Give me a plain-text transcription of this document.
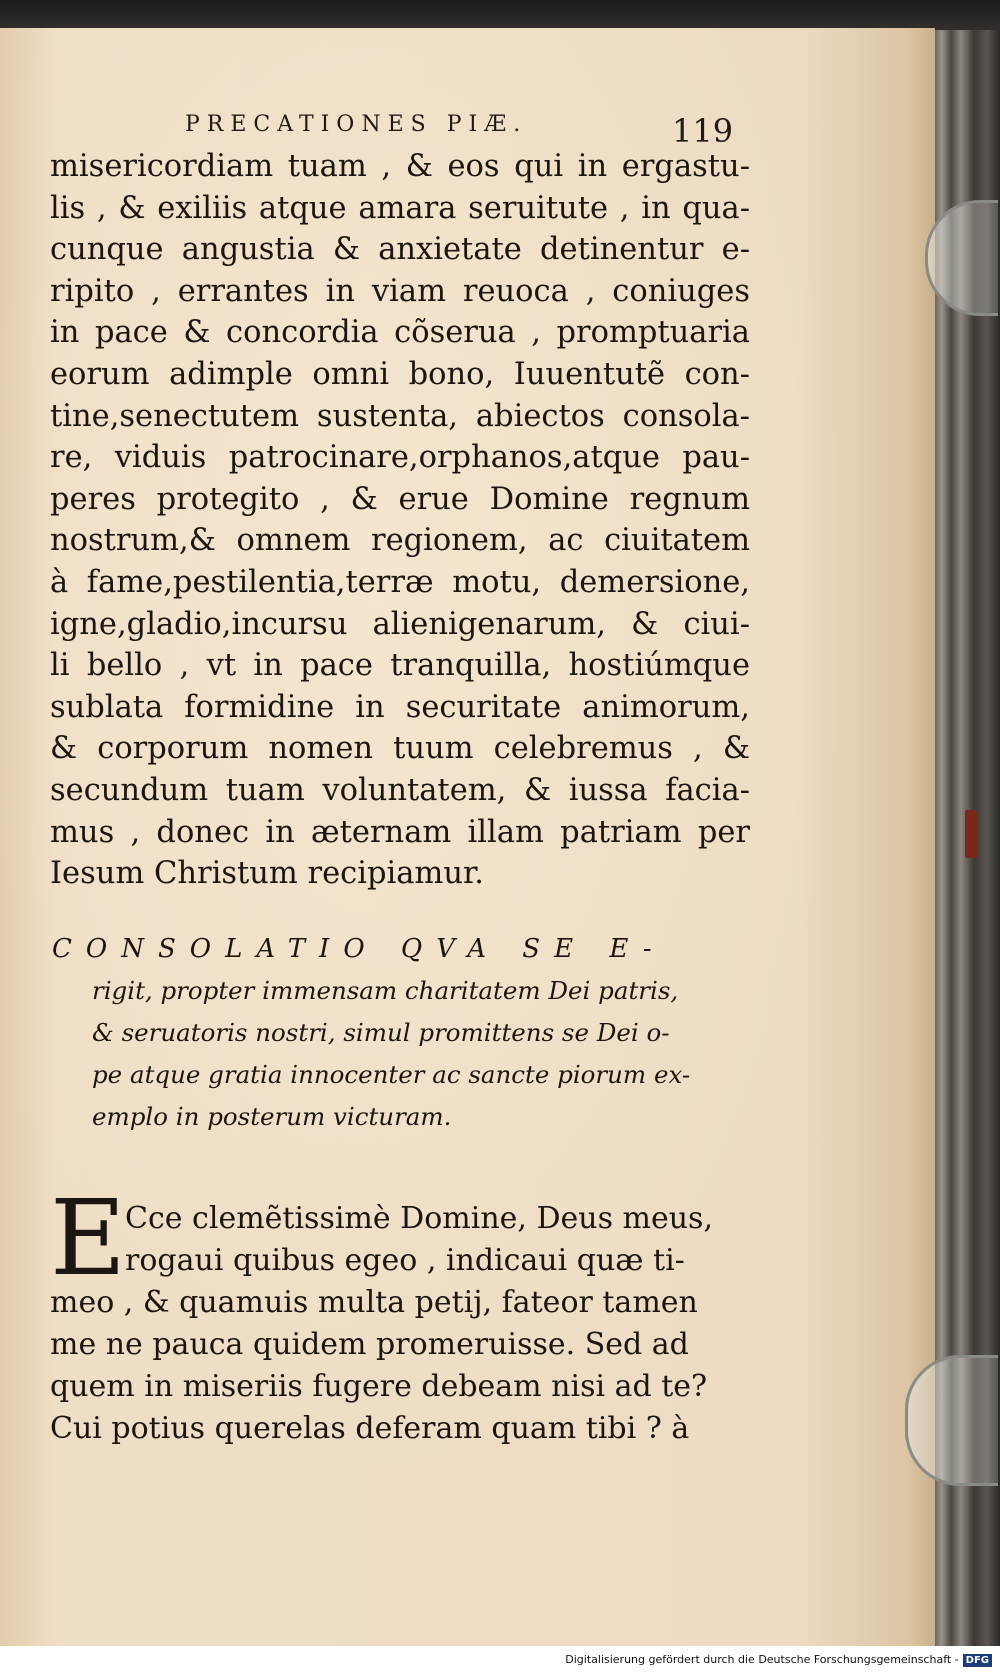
PRECATIONES PIÆ.	119
misericordiam tuam , & eos qui in ergastu-
lis , & exiliis atque amara seruitute , in qua-
cunque angustia & anxietate detinentur e-
ripito , errantes in viam reuoca , coniuges
in pace & concordia cõserua , promptuaria
eorum adimple omni bono, Iuuentutẽ con-
tine,senectutem sustenta, abiectos consola-
re, viduis patrocinare,orphanos,atque pau-
peres protegito , & erue Domine regnum
nostrum,& omnem regionem, ac ciuitatem
à fame,pestilentia,terræ motu, demersione,
igne,gladio,incursu alienigenarum, & ciui-
li bello , vt in pace tranquilla, hostiúmque
sublata formidine in securitate animorum,
& corporum nomen tuum celebremus , &
secundum tuam voluntatem, & iussa facia-
mus , donec in æternam illam patriam per
Iesum Christum recipiamur.
CONSOLATIO QVA SE E-
rigit, propter immensam charitatem Dei patris,
& seruatoris nostri, simul promittens se Dei o-
pe atque gratia innocenter ac sancte piorum ex-
emplo in posterum victuram.
E Cce clemẽtissimè Domine, Deus meus,
rogaui quibus egeo , indicaui quæ ti-
meo , & quamuis multa petij, fateor tamen
me ne pauca quidem promeruisse. Sed ad
quem in miseriis fugere debeam nisi ad te?
Cui potius querelas deferam quam tibi ? à
Digitalisierung gefördert durch die Deutsche Forschungsgemeinschaft - DFG
